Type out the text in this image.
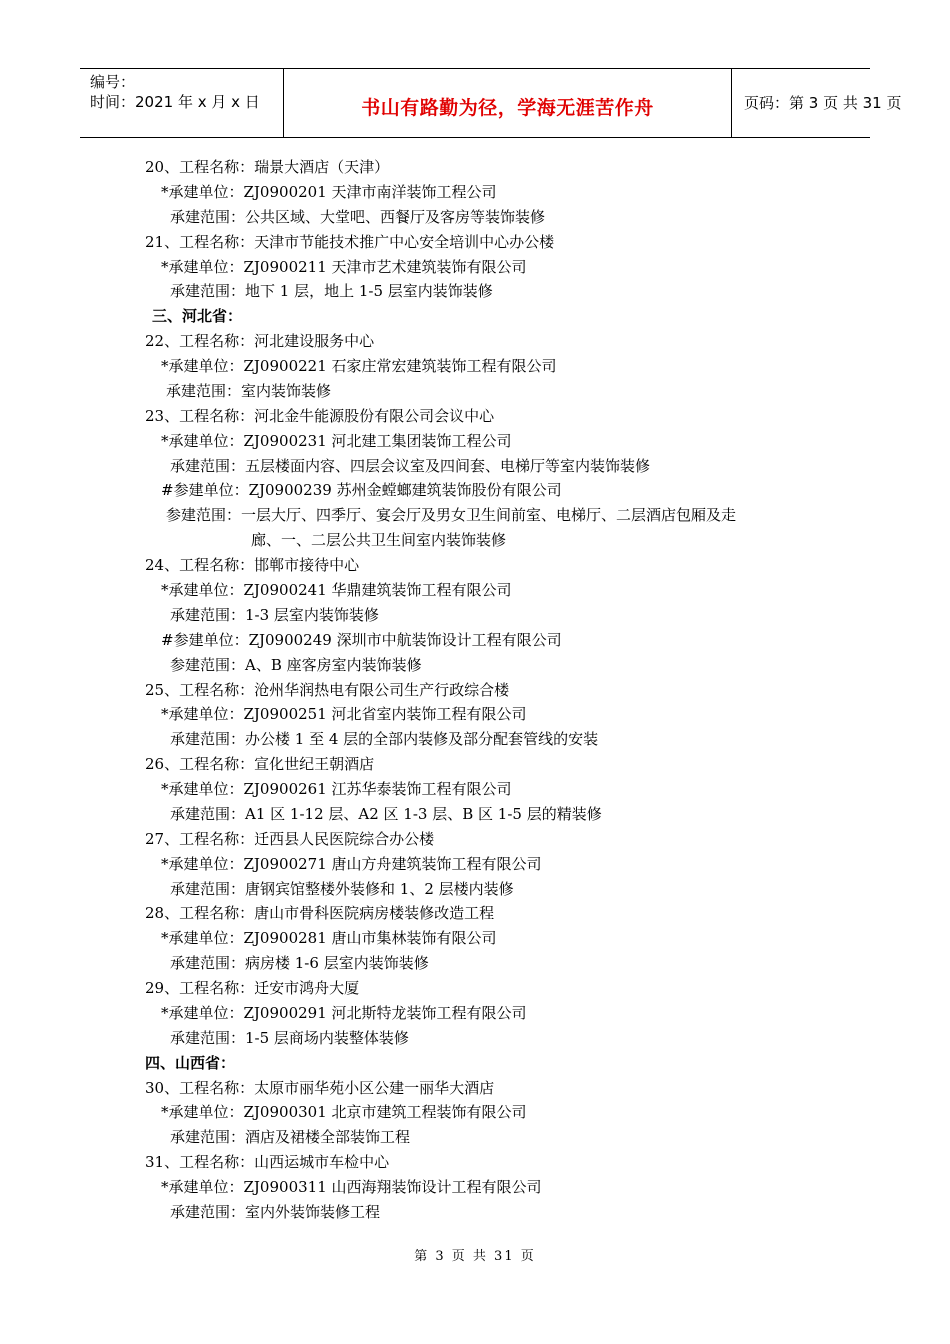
编号：
时间：2021 年 x 月 x 日	书山有路勤为径，学海无涯苦作舟	页码：第 3 页 共 31 页
20、工程名称：瑞景大酒店（天津）
*承建单位：ZJ0900201 天津市南洋装饰工程公司
承建范围：公共区域、大堂吧、西餐厅及客房等装饰装修
21、工程名称：天津市节能技术推广中心安全培训中心办公楼
*承建单位：ZJ0900211 天津市艺术建筑装饰有限公司
承建范围：地下 1 层，地上 1-5 层室内装饰装修
三、河北省：
22、工程名称：河北建设服务中心
*承建单位：ZJ0900221 石家庄常宏建筑装饰工程有限公司
承建范围：室内装饰装修
23、工程名称：河北金牛能源股份有限公司会议中心
*承建单位：ZJ0900231 河北建工集团装饰工程公司
承建范围：五层楼面内容、四层会议室及四间套、电梯厅等室内装饰装修
#参建单位：ZJ0900239 苏州金螳螂建筑装饰股份有限公司
参建范围：一层大厅、四季厅、宴会厅及男女卫生间前室、电梯厅、二层酒店包厢及走
廊、一、二层公共卫生间室内装饰装修
24、工程名称：邯郸市接待中心
*承建单位：ZJ0900241 华鼎建筑装饰工程有限公司
承建范围：1-3 层室内装饰装修
#参建单位：ZJ0900249 深圳市中航装饰设计工程有限公司
参建范围：A、B 座客房室内装饰装修
25、工程名称：沧州华润热电有限公司生产行政综合楼
*承建单位：ZJ0900251 河北省室内装饰工程有限公司
承建范围：办公楼 1 至 4 层的全部内装修及部分配套管线的安装
26、工程名称：宣化世纪王朝酒店
*承建单位：ZJ0900261 江苏华泰装饰工程有限公司
承建范围：A1 区 1-12 层、A2 区 1-3 层、B 区 1-5 层的精装修
27、工程名称：迁西县人民医院综合办公楼
*承建单位：ZJ0900271 唐山方舟建筑装饰工程有限公司
承建范围：唐钢宾馆整楼外装修和 1、2 层楼内装修
28、工程名称：唐山市骨科医院病房楼装修改造工程
*承建单位：ZJ0900281 唐山市集林装饰有限公司
承建范围：病房楼 1-6 层室内装饰装修
29、工程名称：迁安市鸿舟大厦
*承建单位：ZJ0900291 河北斯特龙装饰工程有限公司
承建范围：1-5 层商场内装整体装修
四、山西省：
30、工程名称：太原市丽华苑小区公建一丽华大酒店
*承建单位：ZJ0900301 北京市建筑工程装饰有限公司
承建范围：酒店及裙楼全部装饰工程
31、工程名称：山西运城市车检中心
*承建单位：ZJ0900311 山西海翔装饰设计工程有限公司
承建范围：室内外装饰装修工程
第 3 页 共 31 页
